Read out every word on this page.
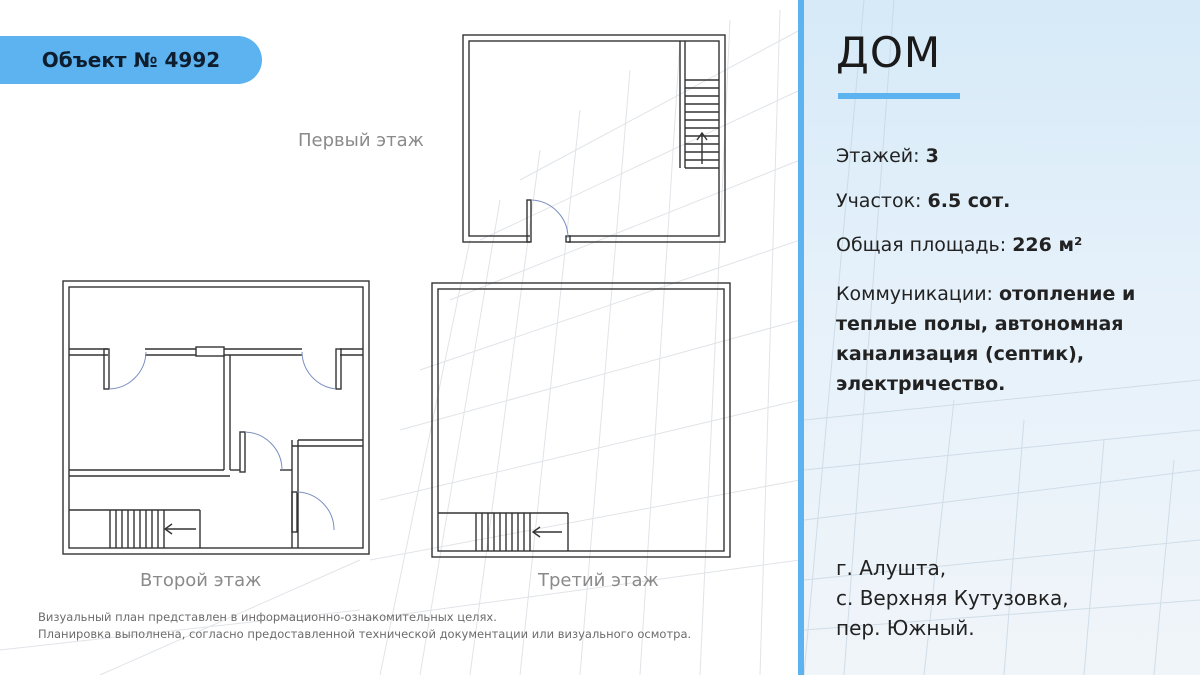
Объект № 4992
Первый этаж
Второй этаж	Третий этаж
Визуальный план представлен в информационно-ознакомительных целях.
Планировка выполнена, согласно предоставленной технической документации или визуального осмотра.
ДОМ
Этажей: 3
Участок: 6.5 сот.
Общая площадь: 226 м²
Коммуникации: отопление и теплые полы, автономная канализация (септик), электричество.
г. Алушта,
с. Верхняя Кутузовка,
пер. Южный.
